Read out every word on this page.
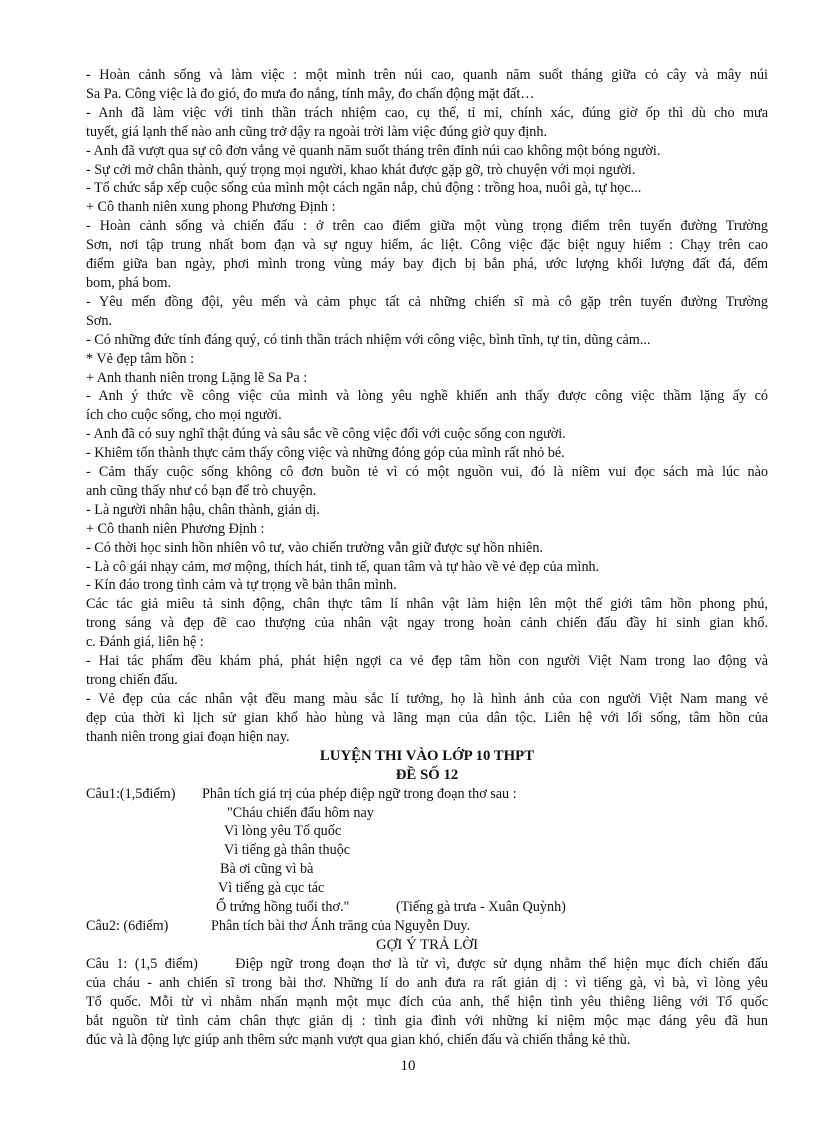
- Hoàn cảnh sống và làm việc : một mình trên núi cao, quanh năm suốt tháng giữa cỏ cây và mây núi
Sa Pa. Công việc là đo gió, đo mưa đo nắng, tính mây, đo chấn động mặt đất…
- Anh đã làm việc với tinh thần trách nhiệm cao, cụ thể, tỉ mỉ, chính xác, đúng giờ ốp thì dù cho mưa
tuyết, giá lạnh thế nào anh cũng trở dậy ra ngoài trời làm việc đúng giờ quy định.
- Anh đã vượt qua sự cô đơn vắng vẻ quanh năm suốt tháng trên đỉnh núi cao không một bóng người.
- Sự cởi mở chân thành, quý trọng mọi người, khao khát được gặp gỡ, trò chuyện với mọi người.
- Tổ chức sắp xếp cuộc sống của mình một cách ngăn nắp, chủ động : trồng hoa, nuôi gà, tự học...
+ Cô thanh niên xung phong Phương Định :
- Hoàn cảnh sống và chiến đấu : ở trên cao điểm giữa một vùng trọng điểm trên tuyến đường Trường
Sơn, nơi tập trung nhất bom đạn và sự nguy hiểm, ác liệt. Công việc đặc biệt nguy hiểm : Chạy trên cao
điểm giữa ban ngày, phơi mình trong vùng máy bay địch bị bắn phá, ước lượng khối lượng đất đá, đếm
bom, phá bom.
- Yêu mến đồng đội, yêu mến và cảm phục tất cả những chiến sĩ mà cô gặp trên tuyến đường Trường
Sơn.
- Có những đức tính đáng quý, có tinh thần trách nhiệm với công việc, bình tĩnh, tự tin, dũng cảm...
* Vẻ đẹp tâm hồn :
+ Anh thanh niên trong Lặng lẽ Sa Pa :
- Anh ý thức về công việc của mình và lòng yêu nghề khiến anh thấy được công việc thầm lặng ấy có
ích cho cuộc sống, cho mọi người.
- Anh đã có suy nghĩ thật đúng và sâu sắc về công việc đối với cuộc sống con người.
- Khiêm tốn thành thực cảm thấy công việc và những đóng góp của mình rất nhỏ bé.
- Cảm thấy cuộc sống không cô đơn buồn tẻ vì có một nguồn vui, đó là niềm vui đọc sách mà lúc nào
anh cũng thấy như có bạn để trò chuyện.
- Là người nhân hậu, chân thành, giản dị.
+ Cô thanh niên Phương Định :
- Có thời học sinh hồn nhiên vô tư, vào chiến trường vẫn giữ được sự hồn nhiên.
- Là cô gái nhạy cảm, mơ mộng, thích hát, tinh tế, quan tâm và tự hào về vẻ đẹp của mình.
- Kín đáo trong tình cảm và tự trọng về bản thân mình.
Các tác giả miêu tả sinh động, chân thực tâm lí nhân vật làm hiện lên một thế giới tâm hồn phong phú,
trong sáng và đẹp đẽ cao thượng của nhân vật ngay trong hoàn cảnh chiến đấu đầy hi sinh gian khổ.
c. Đánh giá, liên hệ :
- Hai tác phẩm đều khám phá, phát hiện ngợi ca vẻ đẹp tâm hồn con người Việt Nam trong lao động và
trong chiến đấu.
- Vẻ đẹp của các nhân vật đều mang màu sắc lí tưởng, họ là hình ảnh của con người Việt Nam mang vẻ
đẹp của thời kì lịch sử gian khổ hào hùng và lãng mạn của dân tộc. Liên hệ với lối sống, tâm hồn của
thanh niên trong giai đoạn hiện nay.
LUYỆN THI VÀO LỚP 10 THPT
ĐỀ SỐ 12
Câu1:(1,5điểm)	Phân tích giá trị của phép điệp ngữ trong đoạn thơ sau :
"Cháu chiến đấu hôm nay
Vì lòng yêu Tổ quốc
Vì tiếng gà thân thuộc
Bà ơi cũng vì bà
Vì tiếng gà cục tác
Ổ trứng hồng tuổi thơ."	(Tiếng gà trưa - Xuân Quỳnh)
Câu2: (6điểm)	Phân tích bài thơ Ánh trăng của Nguyễn Duy.
GỢI Ý TRẢ LỜI
Câu 1: (1,5 điểm)     Điệp ngữ trong đoạn thơ là từ vì, được sử dụng nhằm thể hiện mục đích chiến đấu
của cháu - anh chiến sĩ trong bài thơ. Những lí do anh đưa ra rất giản dị : vì tiếng gà, vì bà, vì lòng yêu
Tổ quốc. Mỗi từ vì nhằm nhấn mạnh một mục đích của anh, thể hiện tình yêu thiêng liêng với Tổ quốc
bắt nguồn từ tình cảm chân thực giản dị : tình gia đình với những kỉ niệm mộc mạc đáng yêu đã hun
đúc và là động lực giúp anh thêm sức mạnh vượt qua gian khó, chiến đấu và chiến thắng kẻ thù.
10
